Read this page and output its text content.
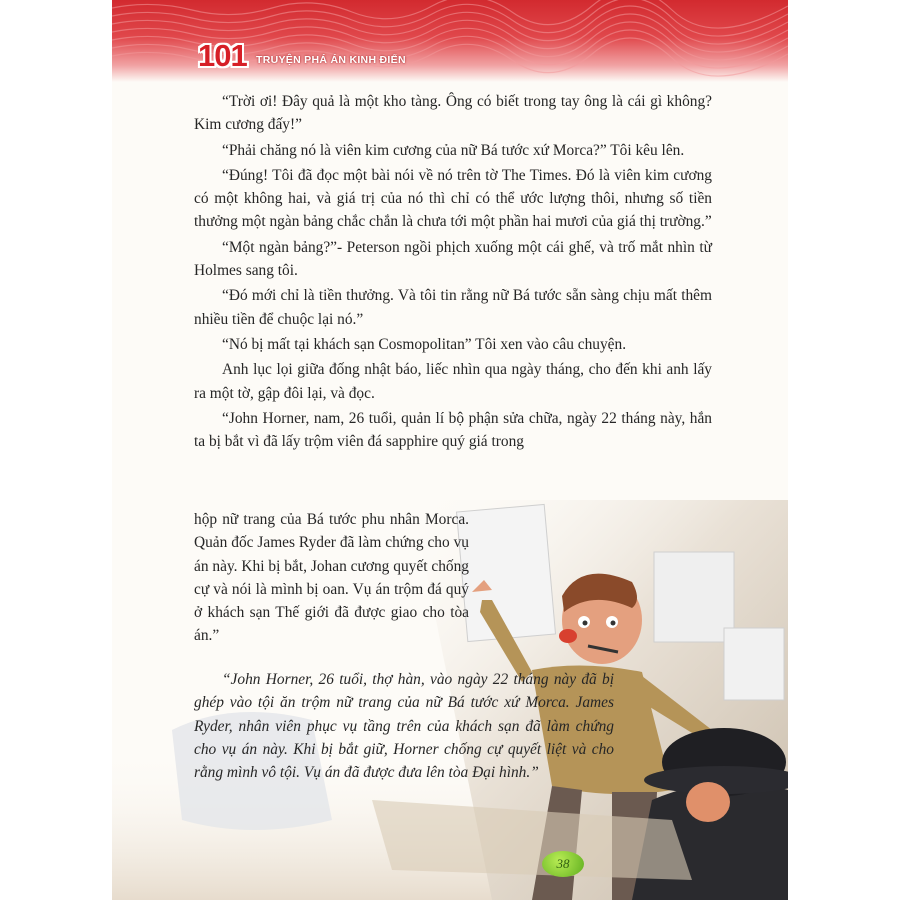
101 TRUYỆN PHÁ ÁN KINH ĐIỂN

“Trời ơi! Đây quả là một kho tàng. Ông có biết trong tay ông là cái gì không? Kim cương đấy!”

“Phải chăng nó là viên kim cương của nữ Bá tước xứ Morca?” Tôi kêu lên.

“Đúng! Tôi đã đọc một bài nói về nó trên tờ The Times. Đó là viên kim cương có một không hai, và giá trị của nó thì chỉ có thể ước lượng thôi, nhưng số tiền thưởng một ngàn bảng chắc chắn là chưa tới một phần hai mươi của giá thị trường.”

“Một ngàn bảng?”- Peterson ngồi phịch xuống một cái ghế, và trố mắt nhìn từ Holmes sang tôi.

“Đó mới chỉ là tiền thưởng. Và tôi tin rằng nữ Bá tước sẵn sàng chịu mất thêm nhiều tiền để chuộc lại nó.”

“Nó bị mất tại khách sạn Cosmopolitan” Tôi xen vào câu chuyện.

Anh lục lọi giữa đống nhật báo, liếc nhìn qua ngày tháng, cho đến khi anh lấy ra một tờ, gập đôi lại, và đọc.

“John Horner, nam, 26 tuổi, quản lí bộ phận sửa chữa, ngày 22 tháng này, hắn ta bị bắt vì đã lấy trộm viên đá sapphire quý giá trong

hộp nữ trang của Bá tước phu nhân Morca. Quản đốc James Ryder đã làm chứng cho vụ án này. Khi bị bắt, Johan cương quyết chống cự và nói là mình bị oan. Vụ án trộm đá quý ở khách sạn Thế giới đã được giao cho tòa án.”

“John Horner, 26 tuổi, thợ hàn, vào ngày 22 tháng này đã bị ghép vào tội ăn trộm nữ trang của nữ Bá tước xứ Morca. James Ryder, nhân viên phục vụ tầng trên của khách sạn đã làm chứng cho vụ án này. Khi bị bắt giữ, Horner chống cự quyết liệt và cho rằng mình vô tội. Vụ án đã được đưa lên tòa Đại hình.”

38
